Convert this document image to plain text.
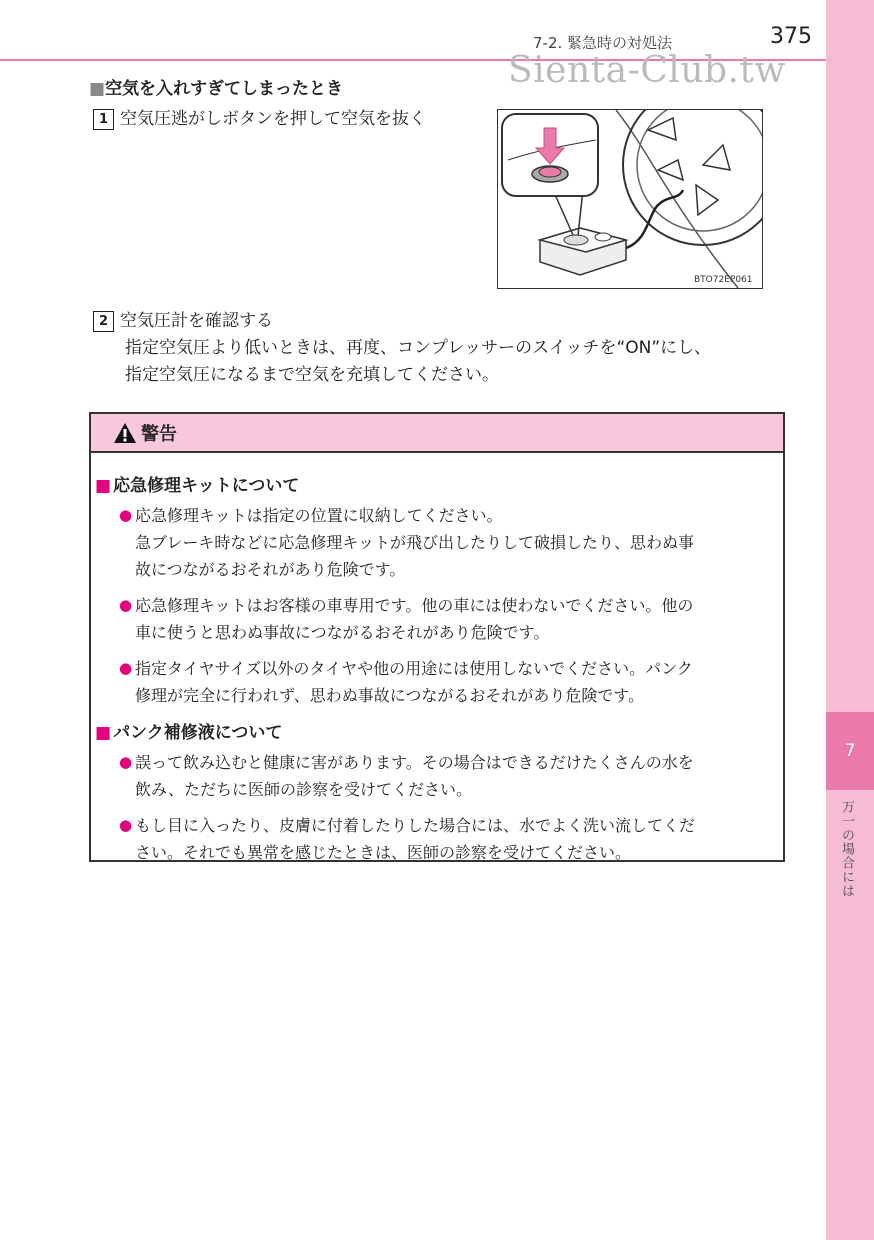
7
万一の場合には
7-2. 緊急時の対処法	375
Sienta-Club.tw
■空気を入れすぎてしまったとき
1 空気圧逃がしボタンを押して空気を抜く
BTO72EP061
2 空気圧計を確認する
指定空気圧より低いときは、再度、コンプレッサーのスイッチを“ON”にし、
指定空気圧になるまで空気を充填してください。
警告
■ 応急修理キットについて
● 応急修理キットは指定の位置に収納してください。
急ブレーキ時などに応急修理キットが飛び出したりして破損したり、思わぬ事
故につながるおそれがあり危険です。
● 応急修理キットはお客様の車専用です。他の車には使わないでください。他の
車に使うと思わぬ事故につながるおそれがあり危険です。
● 指定タイヤサイズ以外のタイヤや他の用途には使用しないでください。パンク
修理が完全に行われず、思わぬ事故につながるおそれがあり危険です。
■ パンク補修液について
● 誤って飲み込むと健康に害があります。その場合はできるだけたくさんの水を
飲み、ただちに医師の診察を受けてください。
● もし目に入ったり、皮膚に付着したりした場合には、水でよく洗い流してくだ
さい。それでも異常を感じたときは、医師の診察を受けてください。
